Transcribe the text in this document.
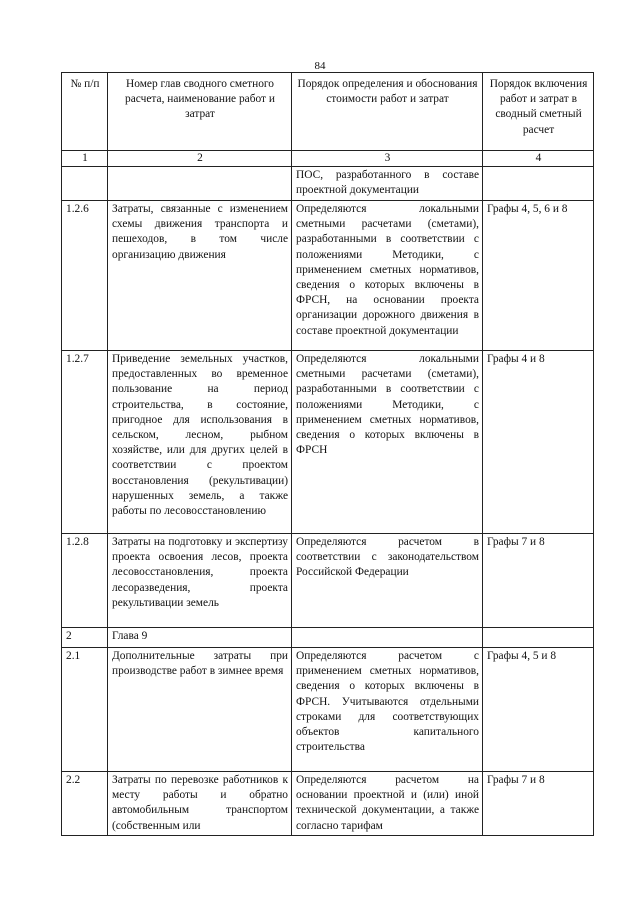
84
№ п/п	Номер глав сводного сметного расчета, наименование работ и затрат	Порядок определения и обоснования стоимости работ и затрат	Порядок включения работ и затрат в сводный сметный расчет
1	2	3	4
		ПОС, разработанного в составе проектной документации	
1.2.6	Затраты, связанные с изменением схемы движения транспорта и пешеходов, в том числе организацию движения	Определяются локальными сметными расчетами (сметами), разработанными в соответствии с положениями Методики, с применением сметных нормативов, сведения о которых включены в ФРСН, на основании проекта организации дорожного движения в составе проектной документации	Графы 4, 5, 6 и 8
1.2.7	Приведение земельных участков, предоставленных во временное пользование на период строительства, в состояние, пригодное для использования в сельском, лесном, рыбном хозяйстве, или для других целей в соответствии с проектом восстановления (рекультивации) нарушенных земель, а также работы по лесовосстановлению	Определяются локальными сметными расчетами (сметами), разработанными в соответствии с положениями Методики, с применением сметных нормативов, сведения о которых включены в ФРСН	Графы 4 и 8
1.2.8	Затраты на подготовку и экспертизу проекта освоения лесов, проекта лесовосстановления, проекта лесоразведения, проекта рекультивации земель	Определяются расчетом в соответствии с законодательством Российской Федерации	Графы 7 и 8
2	Глава 9		
2.1	Дополнительные затраты при производстве работ в зимнее время	Определяются расчетом с применением сметных нормативов, сведения о которых включены в ФРСН. Учитываются отдельными строками для соответствующих объектов капитального строительства	Графы 4, 5 и 8
2.2	Затраты по перевозке работников к месту работы и обратно автомобильным транспортом (собственным или	Определяются расчетом на основании проектной и (или) иной технической документации, а также согласно тарифам	Графы 7 и 8
